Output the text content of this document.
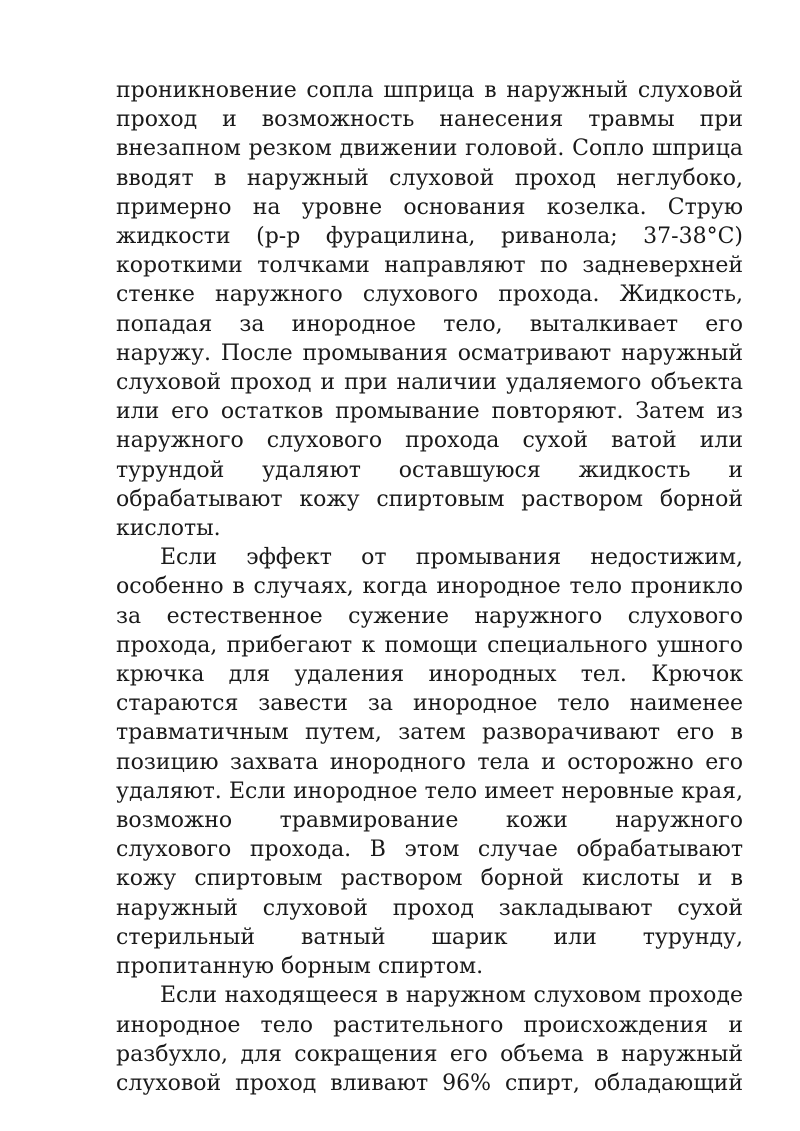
проникновение сопла шприца в наружный слуховой проход и возможность нанесения травмы при внезапном резком движении головой. Сопло шприца вводят в наружный слуховой проход неглубоко, примерно на уровне основания козелка. Струю жидкости (р-р фурацилина, риванола; 37-38°С) короткими толчками направляют по задневерхней стенке наружного слухового прохода. Жидкость, попадая за инородное тело, выталкивает его наружу. После промывания осматривают наружный слуховой проход и при наличии удаляемого объекта или его остатков промывание повторяют. Затем из наружного слухового прохода сухой ватой или турундой удаляют оставшуюся жидкость и обрабатывают кожу спиртовым раствором борной кислоты.

Если эффект от промывания недостижим, особенно в случаях, когда инородное тело проникло за естественное сужение наружного слухового прохода, прибегают к помощи специального ушного крючка для удаления инородных тел. Крючок стараются завести за инородное тело наименее травматичным путем, затем разворачивают его в позицию захвата инородного тела и осторожно его удаляют. Если инородное тело имеет неровные края, возможно травмирование кожи наружного слухового прохода. В этом случае обрабатывают кожу спиртовым раствором борной кислоты и в наружный слуховой проход закладывают сухой стерильный ватный шарик или турунду, пропитанную борным спиртом.

Если находящееся в наружном слуховом проходе инородное тело растительного происхождения и разбухло, для сокращения его объема в наружный слуховой проход вливают 96% спирт, обладающий
